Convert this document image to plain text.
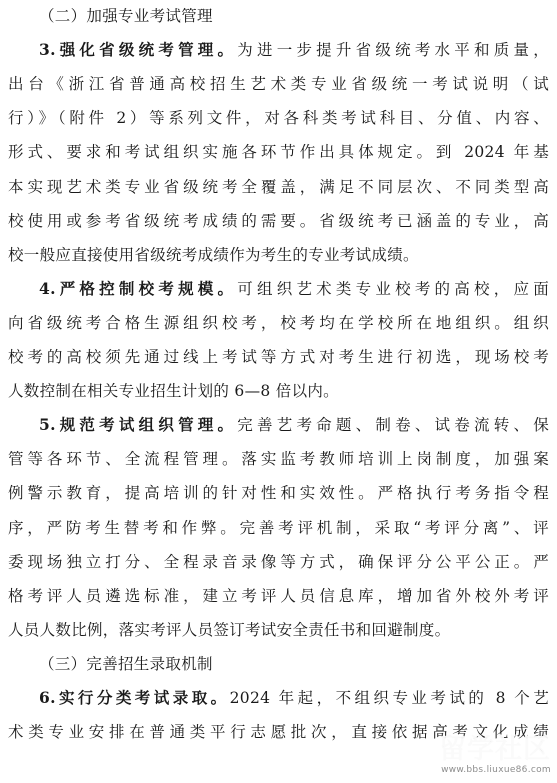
（二）加强专业考试管理
3.强化省级统考管理。为进一步提升省级统考水平和质量，
出台《浙江省普通高校招生艺术类专业省级统一考试说明（试
行）》（附件 2）等系列文件，对各科类考试科目、分值、内容、
形式、要求和考试组织实施各环节作出具体规定。到 2024 年基
本实现艺术类专业省级统考全覆盖，满足不同层次、不同类型高
校使用或参考省级统考成绩的需要。省级统考已涵盖的专业，高
校一般应直接使用省级统考成绩作为考生的专业考试成绩。
4.严格控制校考规模。可组织艺术类专业校考的高校，应面
向省级统考合格生源组织校考，校考均在学校所在地组织。组织
校考的高校须先通过线上考试等方式对考生进行初选，现场校考
人数控制在相关专业招生计划的 6—8 倍以内。
5.规范考试组织管理。完善艺考命题、制卷、试卷流转、保
管等各环节、全流程管理。落实监考教师培训上岗制度，加强案
例警示教育，提高培训的针对性和实效性。严格执行考务指令程
序，严防考生替考和作弊。完善考评机制，采取“考评分离”、评
委现场独立打分、全程录音录像等方式，确保评分公平公正。严
格考评人员遴选标准，建立考评人员信息库，增加省外校外考评
人员人数比例，落实考评人员签订考试安全责任书和回避制度。
（三）完善招生录取机制
6.实行分类考试录取。2024 年起，不组织专业考试的 8 个艺
术类专业安排在普通类平行志愿批次，直接依据高考文化成绩
留学社区
www.bbs.liuxue86.com
